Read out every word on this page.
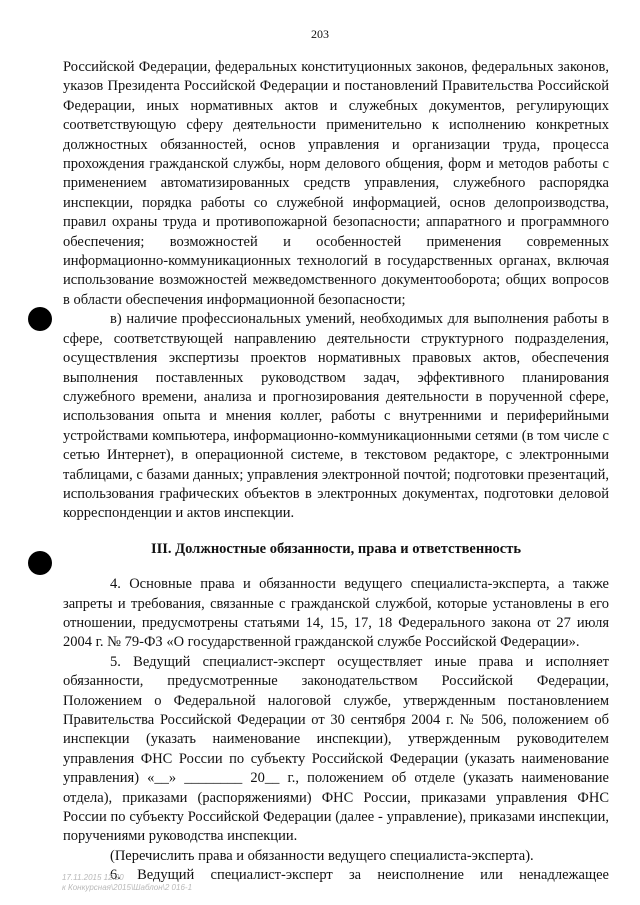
203

Российской Федерации, федеральных конституционных законов, федеральных законов, указов Президента Российской Федерации и постановлений Правительства Российской Федерации, иных нормативных актов и служебных документов, регулирующих соответствующую сферу деятельности применительно к исполнению конкретных должностных обязанностей, основ управления и организации труда, процесса прохождения гражданской службы, норм делового общения, форм и методов работы с применением автоматизированных средств управления, служебного распорядка инспекции, порядка работы со служебной информацией, основ делопроизводства, правил охраны труда и противопожарной безопасности; аппаратного и программного обеспечения; возможностей и особенностей применения современных информационно-коммуникационных технологий в государственных органах, включая использование возможностей межведомственного документооборота; общих вопросов в области обеспечения информационной безопасности;

в) наличие профессиональных умений, необходимых для выполнения работы в сфере, соответствующей направлению деятельности структурного подразделения, осуществления экспертизы проектов нормативных правовых актов, обеспечения выполнения поставленных руководством задач, эффективного планирования служебного времени, анализа и прогнозирования деятельности в порученной сфере, использования опыта и мнения коллег, работы с внутренними и периферийными устройствами компьютера, информационно-коммуникационными сетями (в том числе с сетью Интернет), в операционной системе, в текстовом редакторе, с электронными таблицами, с базами данных; управления электронной почтой; подготовки презентаций, использования графических объектов в электронных документах, подготовки деловой корреспонденции и актов инспекции.

III. Должностные обязанности, права и ответственность

4. Основные права и обязанности ведущего специалиста-эксперта, а также запреты и требования, связанные с гражданской службой, которые установлены в его отношении, предусмотрены статьями 14, 15, 17, 18 Федерального закона от 27 июля 2004 г. № 79-ФЗ «О государственной гражданской службе Российской Федерации».

5. Ведущий специалист-эксперт осуществляет иные права и исполняет обязанности, предусмотренные законодательством Российской Федерации, Положением о Федеральной налоговой службе, утвержденным постановлением Правительства Российской Федерации от 30 сентября 2004 г. № 506, положением об инспекции (указать наименование инспекции), утвержденным руководителем управления ФНС России по субъекту Российской Федерации (указать наименование управления) «__» ________ 20__ г., положением об отделе (указать наименование отдела), приказами (распоряжениями) ФНС России, приказами управления ФНС России по субъекту Российской Федерации (далее - управление), приказами инспекции, поручениями руководства инспекции.

(Перечислить права и обязанности ведущего специалиста-эксперта).

6. Ведущий специалист-эксперт за неисполнение или ненадлежащее

17.11.2015 12:20
к Конкурсная\2015\Шаблон\2 016-1
